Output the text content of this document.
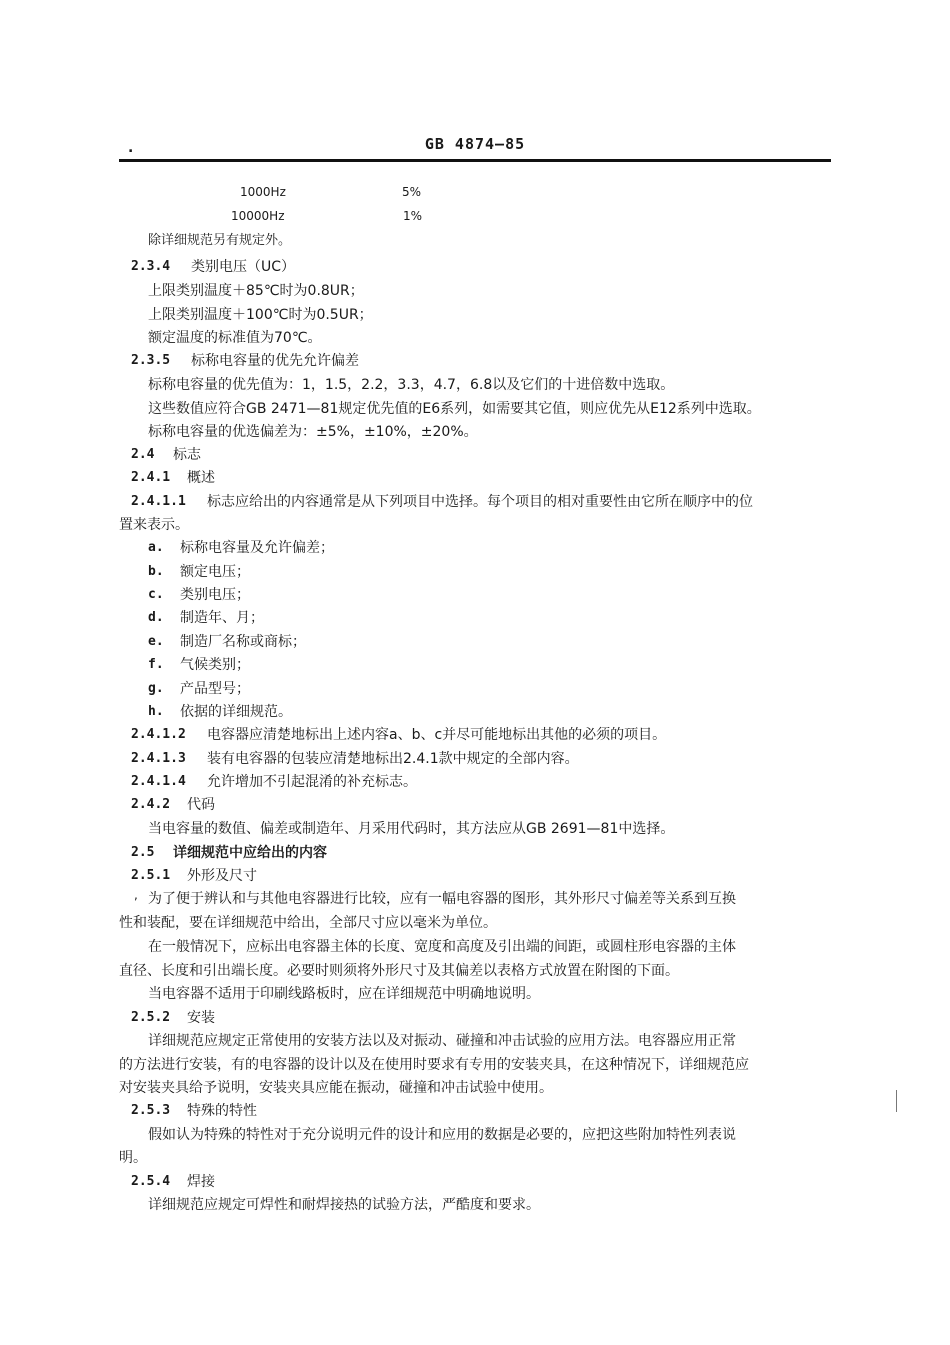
.	GB 4874—85
1000Hz	5%
10000Hz	1%
除详细规范另有规定外。
2.3.4 类别电压（UC）
上限类别温度＋85℃时为0.8UR；
上限类别温度＋100℃时为0.5UR；
额定温度的标准值为70℃。
2.3.5 标称电容量的优先允许偏差
标称电容量的优先值为：1，1.5，2.2，3.3，4.7，6.8以及它们的十进倍数中选取。
这些数值应符合GB 2471—81规定优先值的E6系列，如需要其它值，则应优先从E12系列中选取。
标称电容量的优选偏差为：±5%，±10%，±20%。
2.4 标志
2.4.1 概述
2.4.1.1 标志应给出的内容通常是从下列项目中选择。每个项目的相对重要性由它所在顺序中的位
置来表示。
a. 标称电容量及允许偏差；
b. 额定电压；
c. 类别电压；
d. 制造年、月；
e. 制造厂名称或商标；
f. 气候类别；
g. 产品型号；
h. 依据的详细规范。
2.4.1.2 电容器应清楚地标出上述内容a、b、c并尽可能地标出其他的必须的项目。
2.4.1.3 装有电容器的包装应清楚地标出2.4.1款中规定的全部内容。
2.4.1.4 允许增加不引起混淆的补充标志。
2.4.2 代码
当电容量的数值、偏差或制造年、月采用代码时，其方法应从GB 2691—81中选择。
2.5 详细规范中应给出的内容
2.5.1 外形及尺寸
, 为了便于辨认和与其他电容器进行比较，应有一幅电容器的图形，其外形尺寸偏差等关系到互换
性和装配，要在详细规范中给出，全部尺寸应以毫米为单位。
在一般情况下，应标出电容器主体的长度、宽度和高度及引出端的间距，或圆柱形电容器的主体
直径、长度和引出端长度。必要时则须将外形尺寸及其偏差以表格方式放置在附图的下面。
当电容器不适用于印刷线路板时，应在详细规范中明确地说明。
2.5.2 安装
详细规范应规定正常使用的安装方法以及对振动、碰撞和冲击试验的应用方法。电容器应用正常
的方法进行安装，有的电容器的设计以及在使用时要求有专用的安装夹具，在这种情况下，详细规范应
对安装夹具给予说明，安装夹具应能在振动，碰撞和冲击试验中使用。
2.5.3 特殊的特性
假如认为特殊的特性对于充分说明元件的设计和应用的数据是必要的，应把这些附加特性列表说
明。
2.5.4 焊接
详细规范应规定可焊性和耐焊接热的试验方法，严酷度和要求。
